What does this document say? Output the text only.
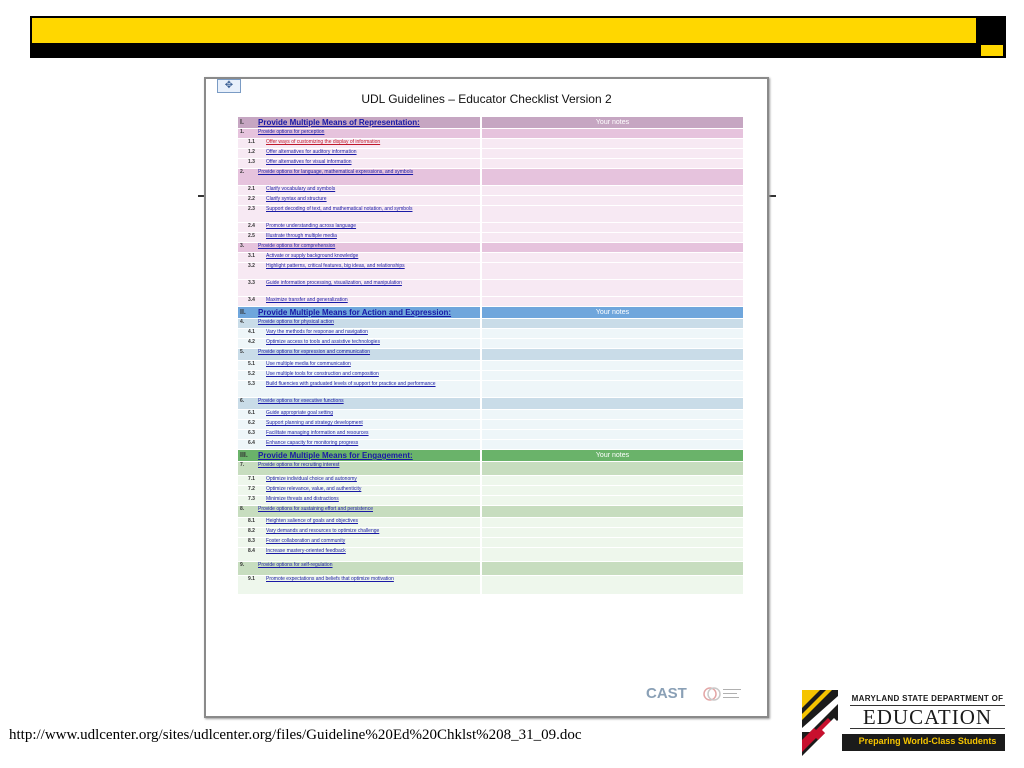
✥
UDL Guidelines – Educator Checklist Version 2
I.	Provide Multiple Means of Representation:	Your notes
1.	Provide options for perception
1.1	Offer ways of customizing the display of information
1.2	Offer alternatives for auditory information
1.3	Offer alternatives for visual information
2.	Provide options for language, mathematical expressions, and symbols
2.1	Clarify vocabulary and symbols
2.2	Clarify syntax and structure
2.3	Support decoding of text, and mathematical notation, and symbols
2.4	Promote understanding across language
2.5	Illustrate through multiple media
3.	Provide options for comprehension
3.1	Activate or supply background knowledge
3.2	Highlight patterns, critical features, big ideas, and relationships
3.3	Guide information processing, visualization, and manipulation
3.4	Maximize transfer and generalization
II.	Provide Multiple Means for Action and Expression:	Your notes
4.	Provide options for physical action
4.1	Vary the methods for response and navigation
4.2	Optimize access to tools and assistive technologies
5.	Provide options for expression and communication
5.1	Use multiple media for communication
5.2	Use multiple tools for construction and composition
5.3	Build fluencies with graduated levels of support for practice and performance
6.	Provide options for executive functions
6.1	Guide appropriate goal setting
6.2	Support planning and strategy development
6.3	Facilitate managing information and resources
6.4	Enhance capacity for monitoring progress
III.	Provide Multiple Means for Engagement:	Your notes
7.	Provide options for recruiting interest
7.1	Optimize individual choice and autonomy
7.2	Optimize relevance, value, and authenticity
7.3	Minimize threats and distractions
8.	Provide options for sustaining effort and persistence
8.1	Heighten salience of goals and objectives
8.2	Vary demands and resources to optimize challenge
8.3	Foster collaboration and community
8.4	Increase mastery-oriented feedback
9.	Provide options for self-regulation
9.1	Promote expectations and beliefs that optimize motivation
CAST
http://www.udlcenter.org/sites/udlcenter.org/files/Guideline%20Ed%20Chklst%208_31_09.doc
MARYLAND STATE DEPARTMENT OF
EDUCATION
Preparing World-Class Students
